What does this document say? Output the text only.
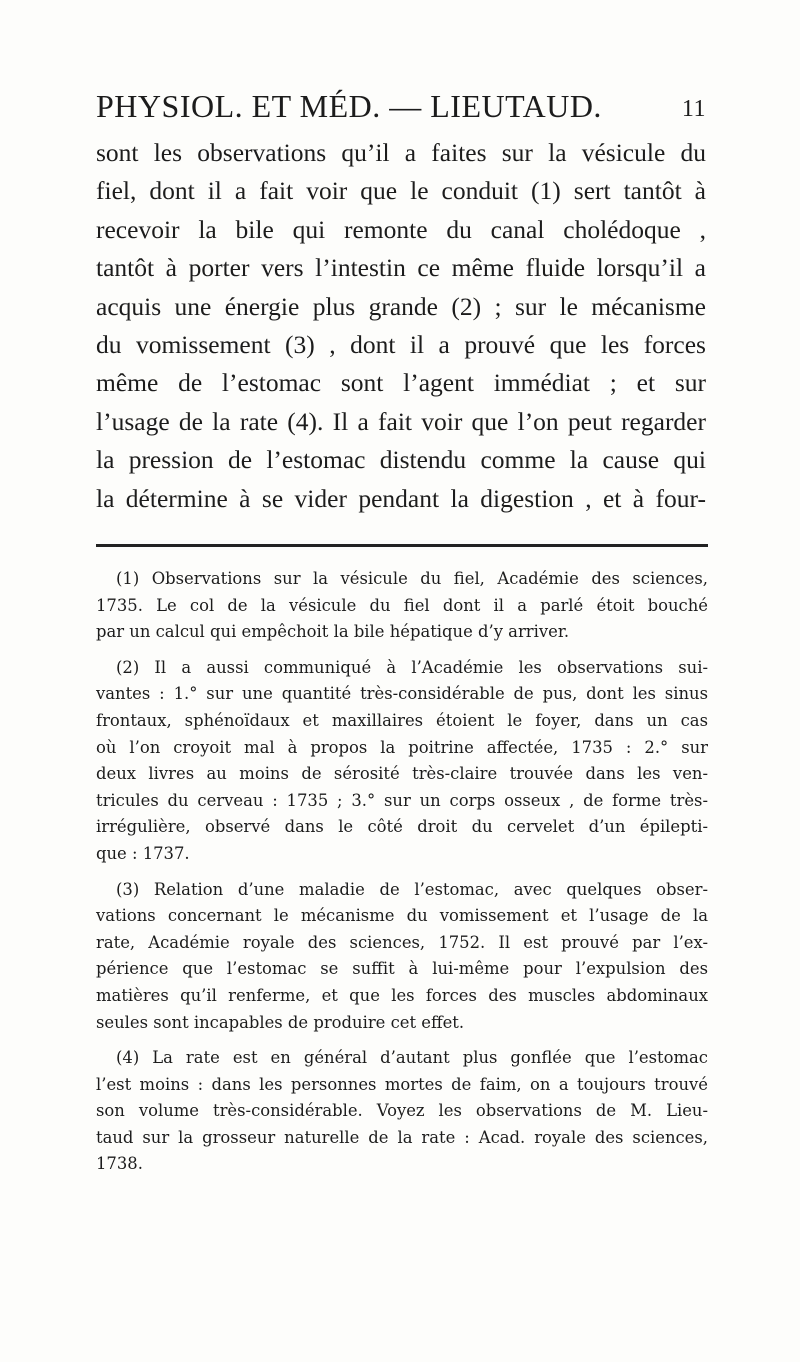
PHYSIOL. ET MÉD. — LIEUTAUD.	11
sont les observations qu’il a faites sur la vésicule du
fiel, dont il a fait voir que le conduit (1) sert tantôt à
recevoir la bile qui remonte du canal cholédoque ,
tantôt à porter vers l’intestin ce même fluide lorsqu’il a
acquis une énergie plus grande (2) ; sur le mécanisme
du vomissement (3) , dont il a prouvé que les forces
même de l’estomac sont l’agent immédiat ; et sur
l’usage de la rate (4). Il a fait voir que l’on peut regarder
la pression de l’estomac distendu comme la cause qui
la détermine à se vider pendant la digestion , et à four-
(1) Observations sur la vésicule du fiel, Académie des sciences,
1735. Le col de la vésicule du fiel dont il a parlé étoit bouché
par un calcul qui empêchoit la bile hépatique d’y arriver.
(2) Il a aussi communiqué à l’Académie les observations sui-
vantes : 1.° sur une quantité très-considérable de pus, dont les sinus
frontaux, sphénoïdaux et maxillaires étoient le foyer, dans un cas
où l’on croyoit mal à propos la poitrine affectée, 1735 : 2.° sur
deux livres au moins de sérosité très-claire trouvée dans les ven-
tricules du cerveau : 1735 ; 3.° sur un corps osseux , de forme très-
irrégulière, observé dans le côté droit du cervelet d’un épilepti-
que : 1737.
(3) Relation d’une maladie de l’estomac, avec quelques obser-
vations concernant le mécanisme du vomissement et l’usage de la
rate, Académie royale des sciences, 1752. Il est prouvé par l’ex-
périence que l’estomac se suffit à lui-même pour l’expulsion des
matières qu’il renferme, et que les forces des muscles abdominaux
seules sont incapables de produire cet effet.
(4) La rate est en général d’autant plus gonflée que l’estomac
l’est moins : dans les personnes mortes de faim, on a toujours trouvé
son volume très-considérable. Voyez les observations de M. Lieu-
taud sur la grosseur naturelle de la rate : Acad. royale des sciences,
1738.
